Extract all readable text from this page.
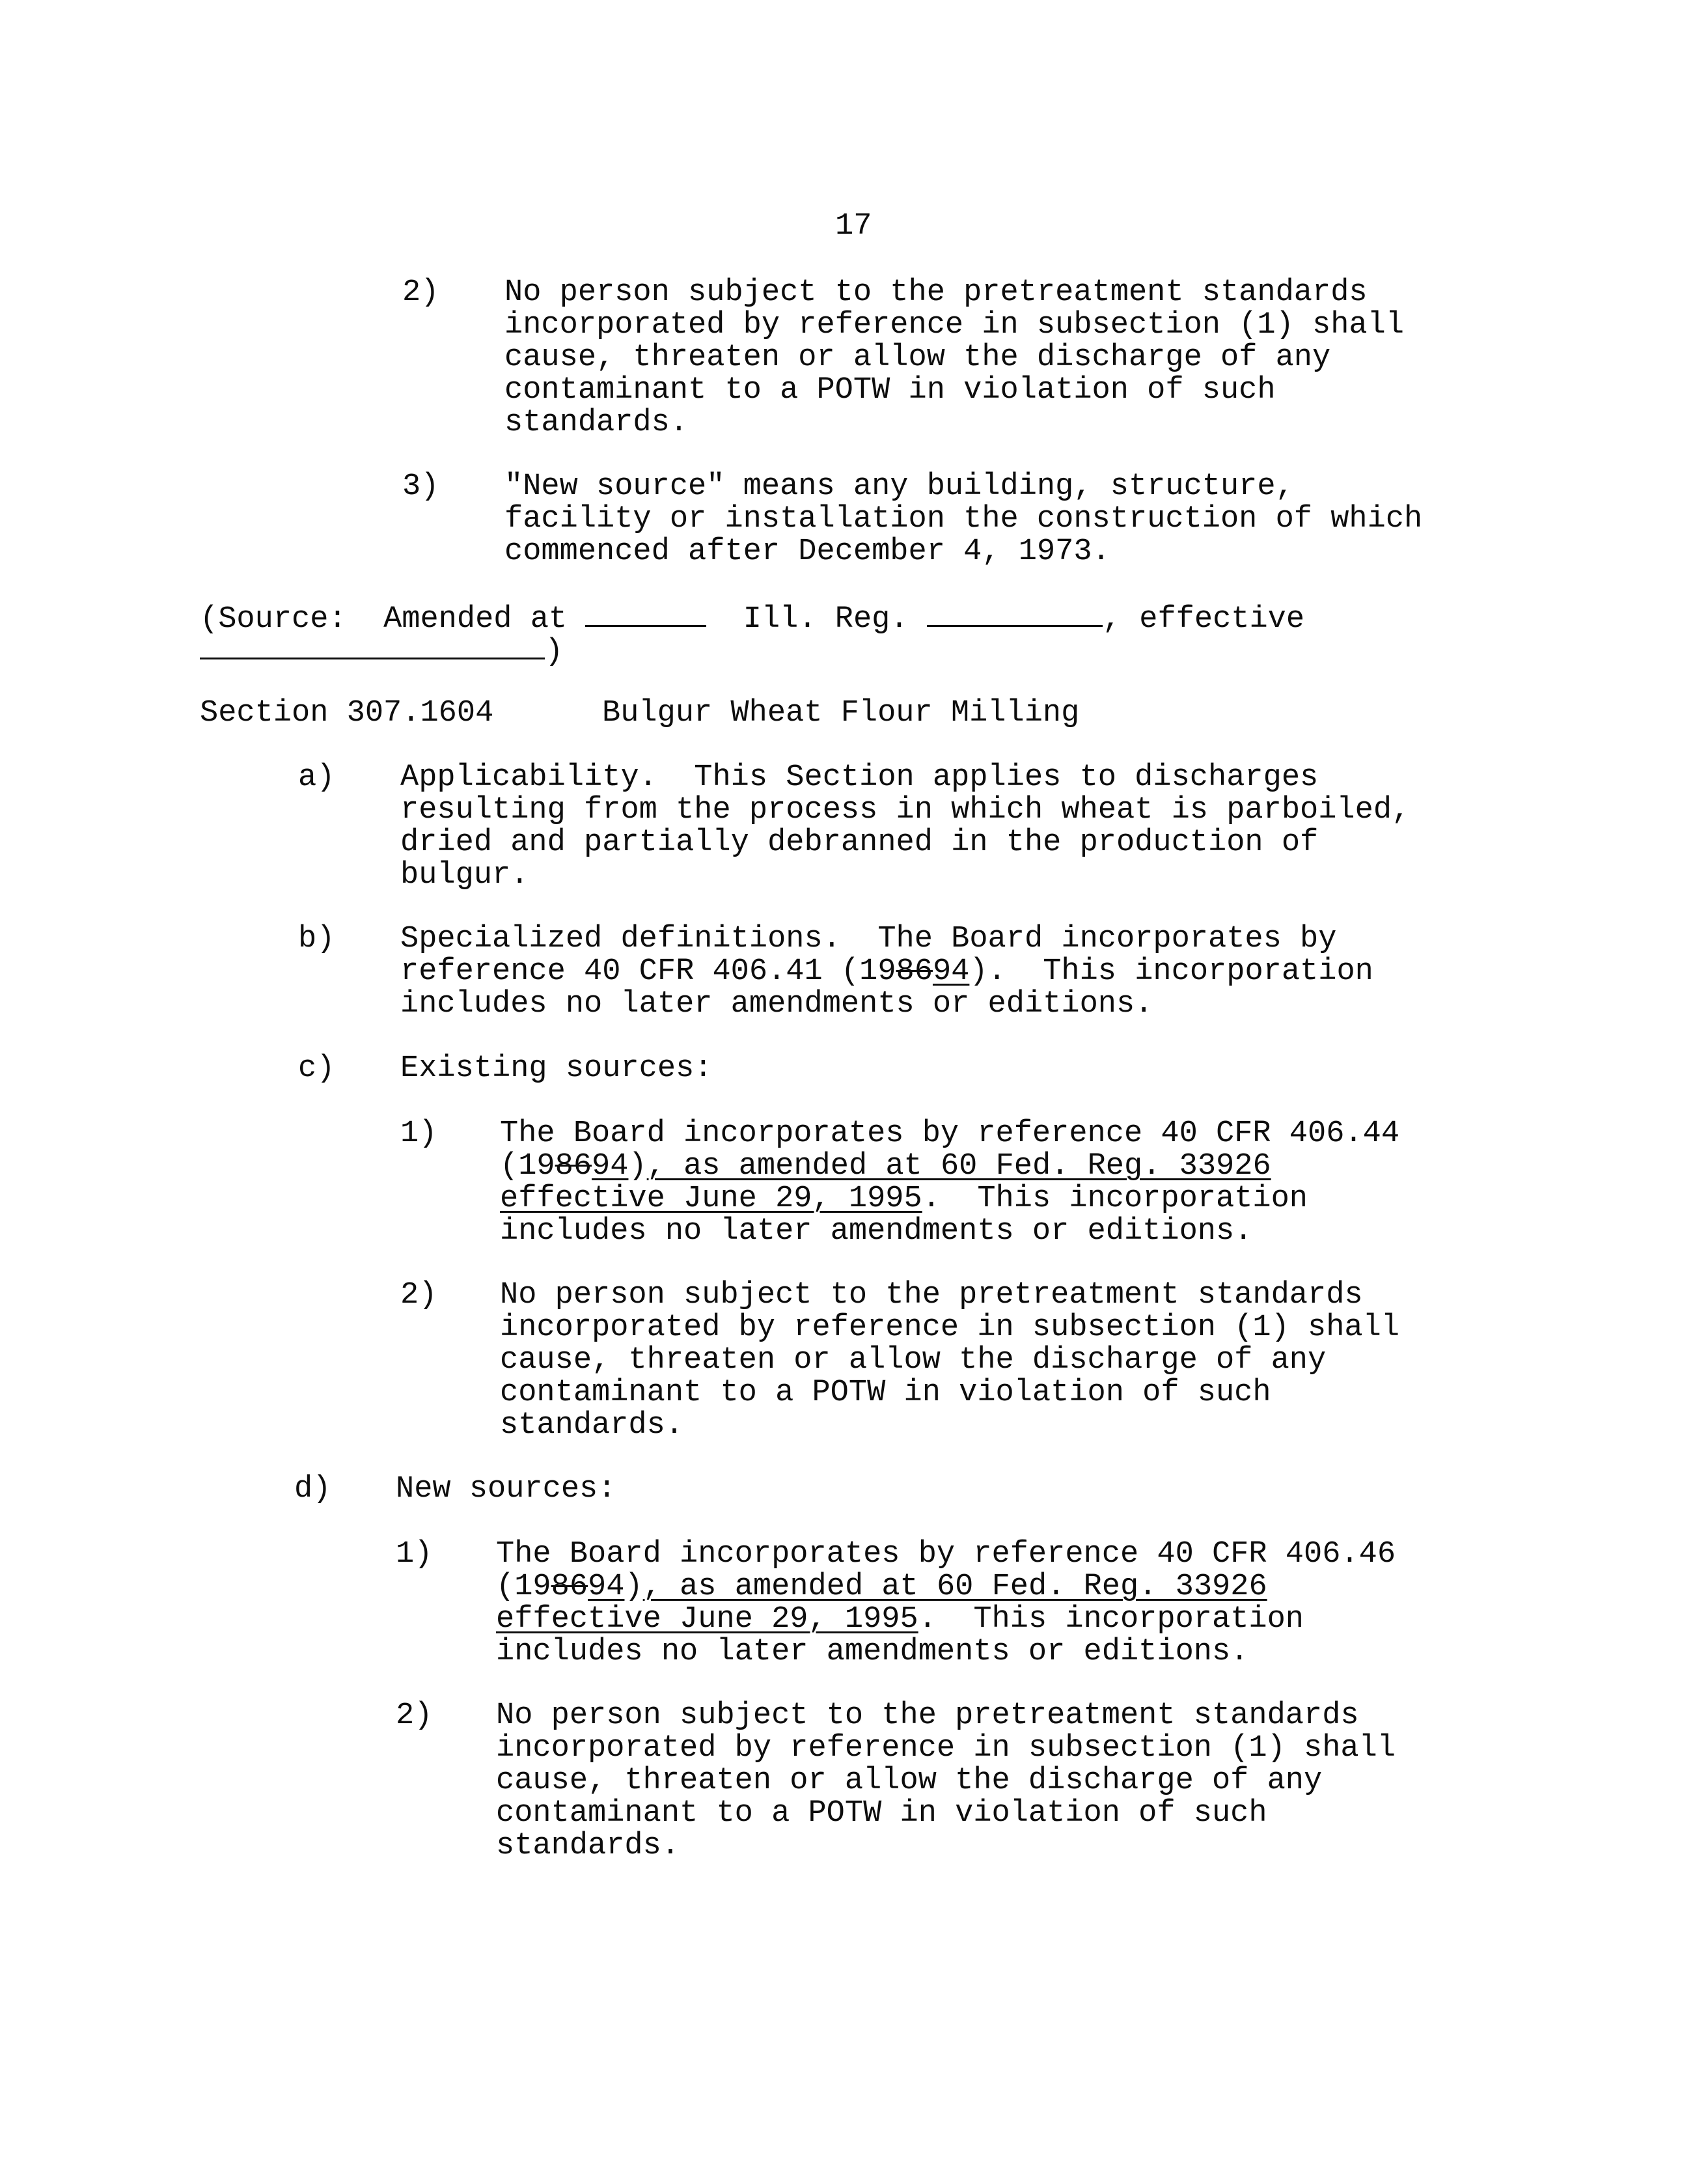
17
2) No person subject to the pretreatment standards
incorporated by reference in subsection (1) shall
cause, threaten or allow the discharge of any
contaminant to a POTW in violation of such
standards.
3) "New source" means any building, structure,
facility or installation the construction of which
commenced after December 4, 1973.
(Source: Amended at	Ill. Reg.	, effective
)
Section 307.1604	Bulgur Wheat Flour Milling
a) Applicability.  This Section applies to discharges
resulting from the process in which wheat is parboiled,
dried and partially debranned in the production of
bulgur.
b) Specialized definitions.  The Board incorporates by
reference 40 CFR 406.41 (198694).  This incorporation
includes no later amendments or editions.
c) Existing sources:
1) The Board incorporates by reference 40 CFR 406.44
(198694), as amended at 60 Fed. Reg. 33926
effective June 29, 1995.  This incorporation
includes no later amendments or editions.
2) No person subject to the pretreatment standards
incorporated by reference in subsection (1) shall
cause, threaten or allow the discharge of any
contaminant to a POTW in violation of such
standards.
d) New sources:
1) The Board incorporates by reference 40 CFR 406.46
(198694), as amended at 60 Fed. Reg. 33926
effective June 29, 1995.  This incorporation
includes no later amendments or editions.
2) No person subject to the pretreatment standards
incorporated by reference in subsection (1) shall
cause, threaten or allow the discharge of any
contaminant to a POTW in violation of such
standards.
